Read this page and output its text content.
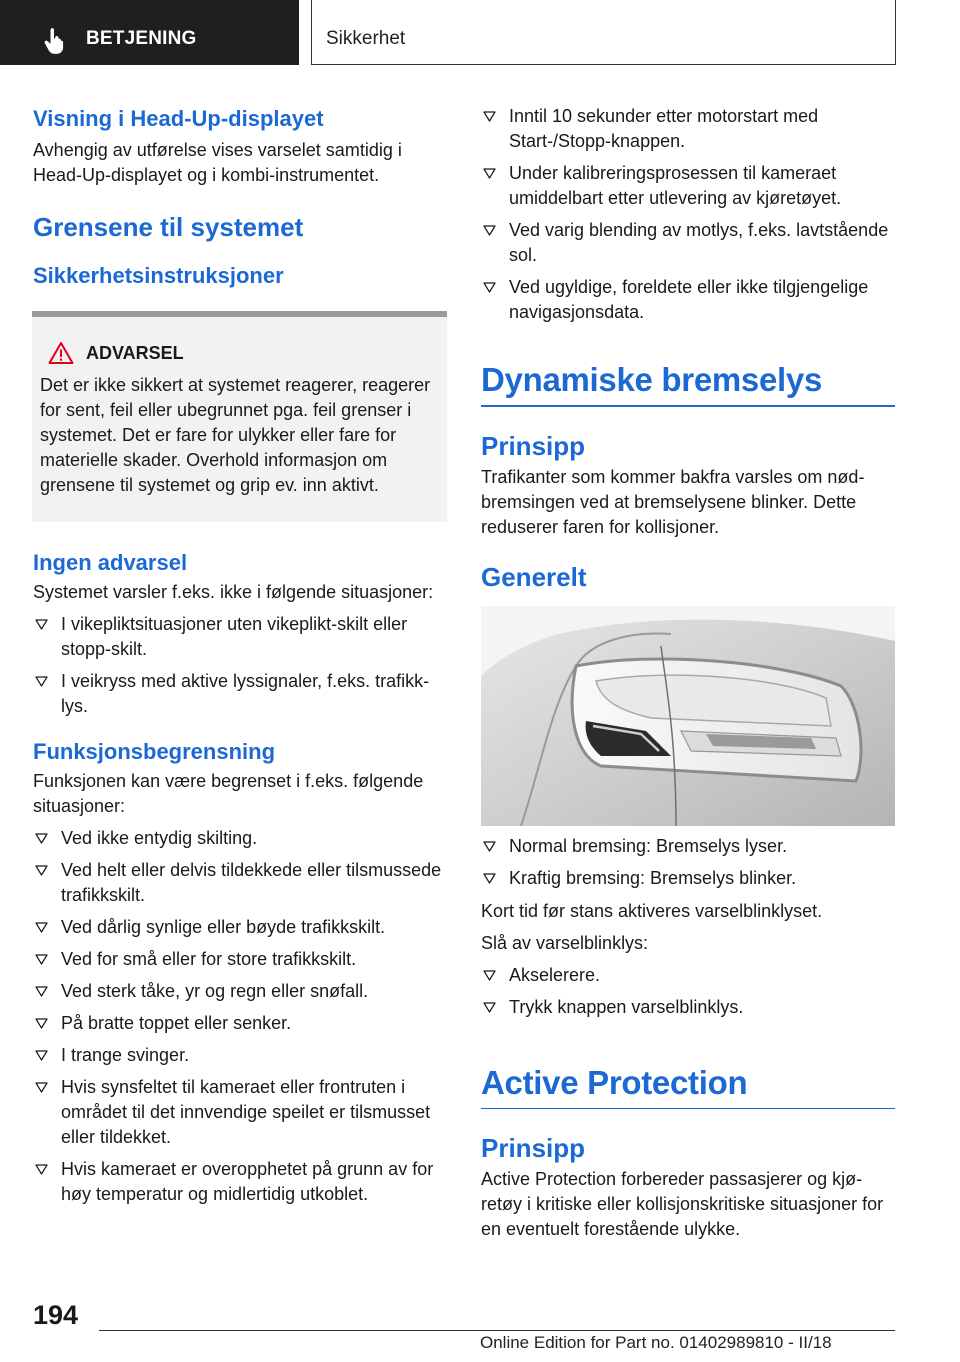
BETJENING	Sikkerhet
Visning i Head-Up-displayet

Avhengig av utførelse vises varselet samtidig i Head-Up-displayet og i kombi-instrumentet.

Grensene til systemet
Sikkerhetsinstruksjoner
ADVARSEL

Det er ikke sikkert at systemet reagerer, reagerer for sent, feil eller ubegrunnet pga. feil grenser i systemet. Det er fare for ulykker eller fare for materielle skader. Overhold informasjon om grensene til systemet og grip ev. inn aktivt.

Ingen advarsel

Systemet varsler f.eks. ikke i følgende situasjoner:

I vikepliktsituasjoner uten vikeplikt-skilt eller stopp-skilt.
I veikryss med aktive lyssignaler, f.eks. trafikklys.
Funksjonsbegrensning

Funksjonen kan være begrenset i f.eks. følgende situasjoner:

Ved ikke entydig skilting.
Ved helt eller delvis tildekkede eller tilsmussede trafikkskilt.
Ved dårlig synlige eller bøyde trafikkskilt.
Ved for små eller for store trafikkskilt.
Ved sterk tåke, yr og regn eller snøfall.
På bratte toppet eller senker.
I trange svinger.
Hvis synsfeltet til kameraet eller frontruten i området til det innvendige speilet er tilsmusset eller tildekket.
Hvis kameraet er overopphetet på grunn av for høy temperatur og midlertidig utkoblet.
Inntil 10 sekunder etter motorstart med Start-/Stopp-knappen.
Under kalibreringsprosessen til kameraet umiddelbart etter utlevering av kjøretøyet.
Ved varig blending av motlys, f.eks. lavtstående sol.
Ved ugyldige, foreldete eller ikke tilgjengelige navigasjonsdata.
Dynamiske bremselys
Prinsipp

Trafikanter som kommer bakfra varsles om nødbremsingen ved at bremselysene blinker. Dette reduserer faren for kollisjoner.

Generelt
Normal bremsing: Bremselys lyser.
Kraftig bremsing: Bremselys blinker.

Kort tid før stans aktiveres varselblinklyset.

Slå av varselblinklys:

Akselerere.
Trykk knappen varselblinklys.
Active Protection
Prinsipp

Active Protection forbereder passasjerer og kjøretøy i kritiske eller kollisjonskritiske situasjoner for en eventuelt forestående ulykke.

194
Online Edition for Part no. 01402989810 - II/18
